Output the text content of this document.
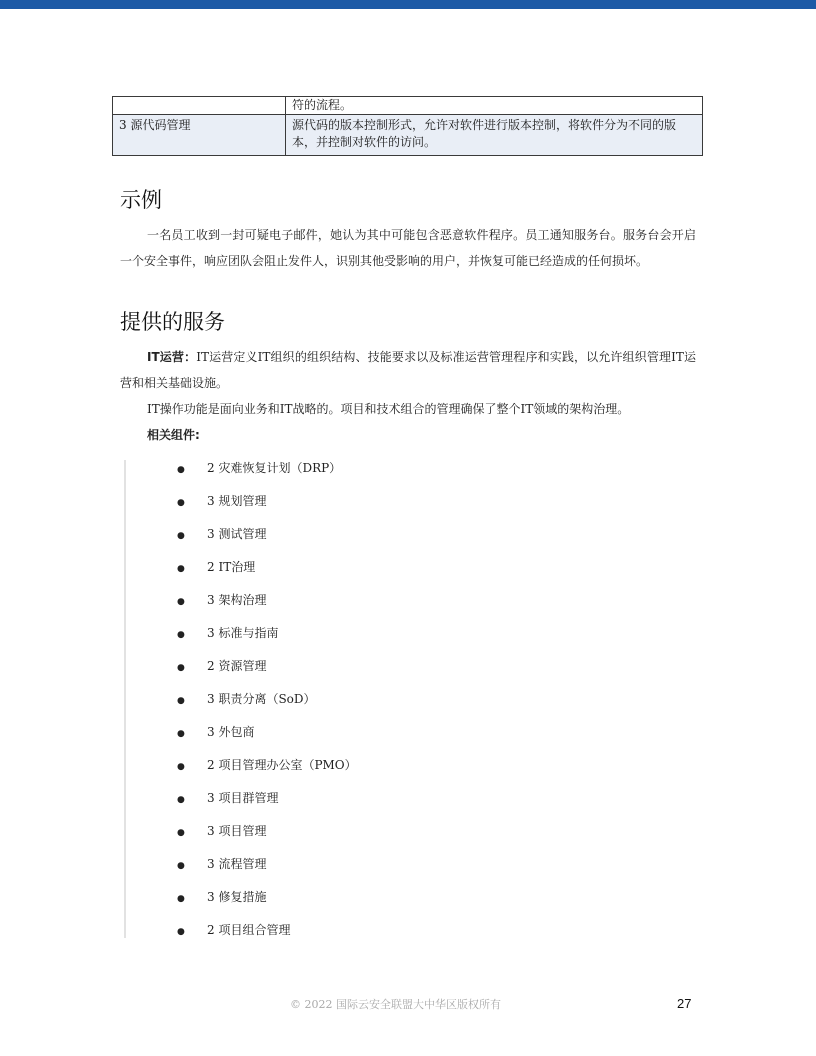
	符的流程。
3 源代码管理	源代码的版本控制形式，允许对软件进行版本控制，将软件分为不同的版本，并控制对软件的访问。
示例

一名员工收到一封可疑电子邮件，她认为其中可能包含恶意软件程序。员工通知服务台。服务台会开启一个安全事件，响应团队会阻止发件人，识别其他受影响的用户，并恢复可能已经造成的任何损坏。

提供的服务

IT运营：IT运营定义IT组织的组织结构、技能要求以及标准运营管理程序和实践，以允许组织管理IT运营和相关基础设施。

IT操作功能是面向业务和IT战略的。项目和技术组合的管理确保了整个IT领域的架构治理。

相关组件:

● 2 灾难恢复计划（DRP）
● 3 规划管理
● 3 测试管理
● 2 IT治理
● 3 架构治理
● 3 标准与指南
● 2 资源管理
● 3 职责分离（SoD）
● 3 外包商
● 2 项目管理办公室（PMO）
● 3 项目群管理
● 3 项目管理
● 3 流程管理
● 3 修复措施
● 2 项目组合管理
© 2022 国际云安全联盟大中华区版权所有	27
